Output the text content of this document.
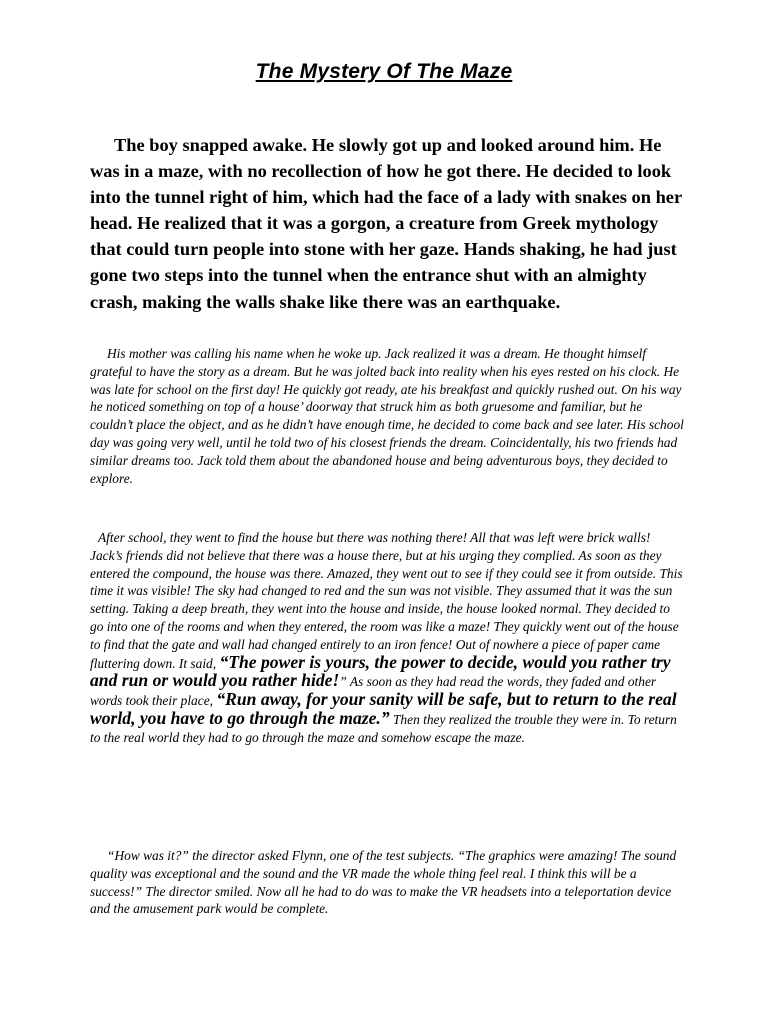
The Mystery Of The Maze

The boy snapped awake. He slowly got up and looked around him. He was in a maze, with no recollection of how he got there. He decided to look into the tunnel right of him, which had the face of a lady with snakes on her head. He realized that it was a gorgon, a creature from Greek mythology that could turn people into stone with her gaze. Hands shaking, he had just gone two steps into the tunnel when the entrance shut with an almighty crash, making the walls shake like there was an earthquake.

His mother was calling his name when he woke up. Jack realized it was a dream. He thought himself grateful to have the story as a dream. But he was jolted back into reality when his eyes rested on his clock. He was late for school on the first day! He quickly got ready, ate his breakfast and quickly rushed out. On his way he noticed something on top of a house’ doorway that struck him as both gruesome and familiar, but he couldn’t place the object, and as he didn’t have enough time, he decided to come back and see later. His school day was going very well, until he told two of his closest friends the dream. Coincidentally, his two friends had similar dreams too. Jack told them about the abandoned house and being adventurous boys, they decided to explore.

After school, they went to find the house but there was nothing there! All that was left were brick walls! Jack’s friends did not believe that there was a house there, but at his urging they complied. As soon as they entered the compound, the house was there. Amazed, they went out to see if they could see it from outside. This time it was visible! The sky had changed to red and the sun was not visible. They assumed that it was the sun setting. Taking a deep breath, they went into the house and inside, the house looked normal. They decided to go into one of the rooms and when they entered, the room was like a maze! They quickly went out of the house to find that the gate and wall had changed entirely to an iron fence! Out of nowhere a piece of paper came fluttering down. It said, “The power is yours, the power to decide, would you rather try and run or would you rather hide!” As soon as they had read the words, they faded and other words took their place, “Run away, for your sanity will be safe, but to return to the real world, you have to go through the maze.” Then they realized the trouble they were in. To return to the real world they had to go through the maze and somehow escape the maze.

“How was it?” the director asked Flynn, one of the test subjects. “The graphics were amazing! The sound quality was exceptional and the sound and the VR made the whole thing feel real. I think this will be a success!” The director smiled. Now all he had to do was to make the VR headsets into a teleportation device and the amusement park would be complete.
